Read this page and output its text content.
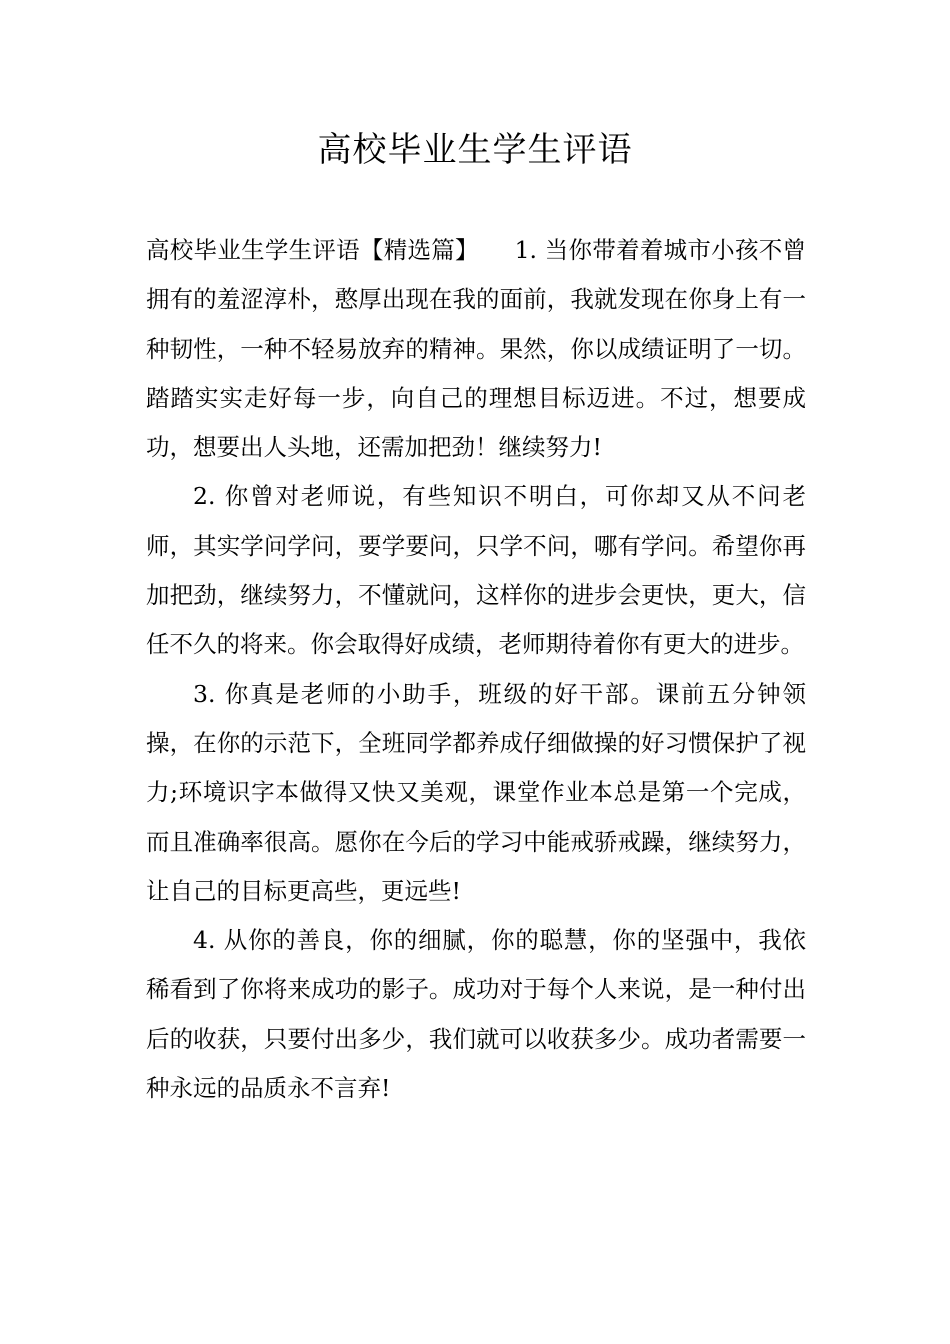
高校毕业生学生评语

高校毕业生学生评语【精选篇】　　1. 当你带着着城市小孩不曾拥有的羞涩淳朴，憨厚出现在我的面前，我就发现在你身上有一种韧性，一种不轻易放弃的精神。果然，你以成绩证明了一切。踏踏实实走好每一步，向自己的理想目标迈进。不过，想要成功，想要出人头地，还需加把劲！继续努力!

2. 你曾对老师说，有些知识不明白，可你却又从不问老师，其实学问学问，要学要问，只学不问，哪有学问。希望你再加把劲，继续努力，不懂就问，这样你的进步会更快，更大，信任不久的将来。你会取得好成绩，老师期待着你有更大的进步。

3. 你真是老师的小助手，班级的好干部。课前五分钟领操，在你的示范下，全班同学都养成仔细做操的好习惯保护了视力;环境识字本做得又快又美观，课堂作业本总是第一个完成，而且准确率很高。愿你在今后的学习中能戒骄戒躁，继续努力，让自己的目标更高些，更远些!

4. 从你的善良，你的细腻，你的聪慧，你的坚强中，我依稀看到了你将来成功的影子。成功对于每个人来说，是一种付出后的收获，只要付出多少，我们就可以收获多少。成功者需要一种永远的品质永不言弃!
